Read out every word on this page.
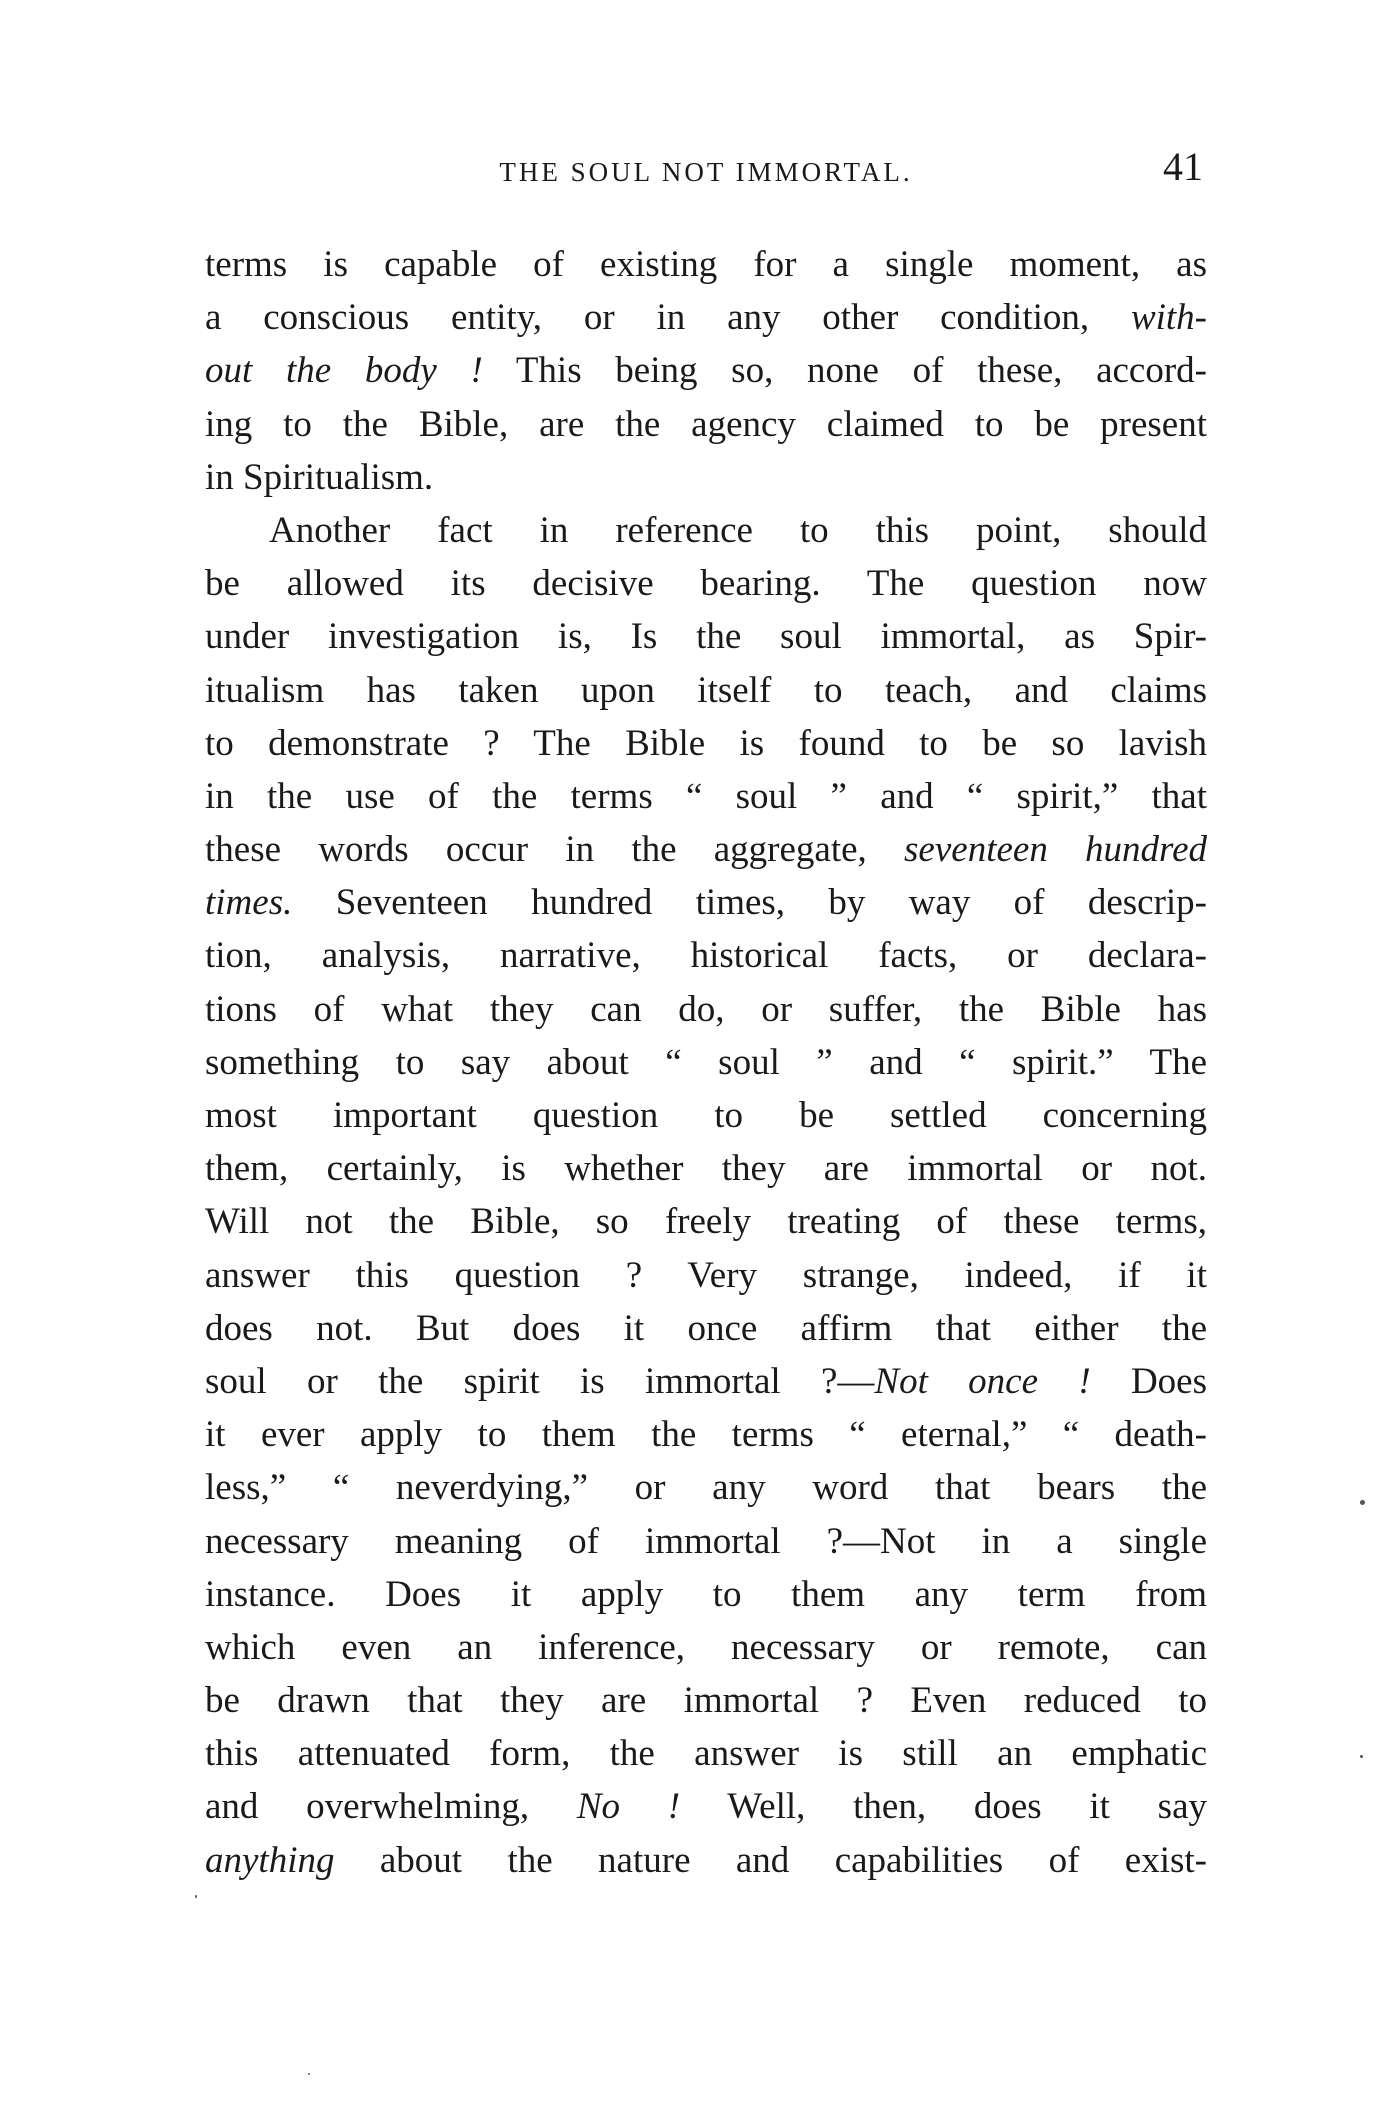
THE SOUL NOT IMMORTAL.	41
terms is capable of existing for a single moment, as
a conscious entity, or in any other condition, with-
out the body ! This being so, none of these, accord-
ing to the Bible, are the agency claimed to be present
in Spiritualism.
Another fact in reference to this point, should
be allowed its decisive bearing. The question now
under investigation is, Is the soul immortal, as Spir-
itualism has taken upon itself to teach, and claims
to demonstrate ? The Bible is found to be so lavish
in the use of the terms “ soul ” and “ spirit,” that
these words occur in the aggregate, seventeen hundred
times. Seventeen hundred times, by way of descrip-
tion, analysis, narrative, historical facts, or declara-
tions of what they can do, or suffer, the Bible has
something to say about “ soul ” and “ spirit.” The
most important question to be settled concerning
them, certainly, is whether they are immortal or not.
Will not the Bible, so freely treating of these terms,
answer this question ? Very strange, indeed, if it
does not. But does it once affirm that either the
soul or the spirit is immortal ?—Not once ! Does
it ever apply to them the terms “ eternal,” “ death-
less,” “ neverdying,” or any word that bears the
necessary meaning of immortal ?—Not in a single
instance. Does it apply to them any term from
which even an inference, necessary or remote, can
be drawn that they are immortal ? Even reduced to
this attenuated form, the answer is still an emphatic
and overwhelming, No ! Well, then, does it say
anything about the nature and capabilities of exist-
